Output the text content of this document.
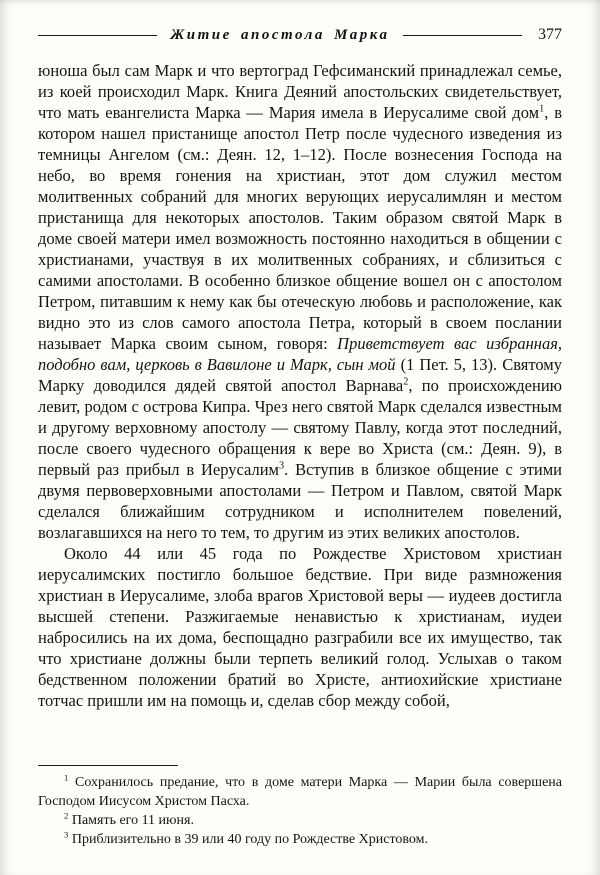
Житие апостола Марка	377

юноша был сам Марк и что вертоград Гефсиманский принадлежал семье, из коей происходил Марк. Книга Деяний апостольских свидетельствует, что мать евангелиста Марка — Мария имела в Иерусалиме свой дом$^1$, в котором нашел пристанище апостол Петр после чудесного изведения из темницы Ангелом (см.: Деян. 12, 1–12). После вознесения Господа на небо, во время гонения на христиан, этот дом служил местом молитвенных собраний для многих верующих иерусалимлян и местом пристанища для некоторых апостолов. Таким образом святой Марк в доме своей матери имел возможность постоянно находиться в общении с христианами, участвуя в их молитвенных собраниях, и сблизиться с самими апостолами. В особенно близкое общение вошел он с апостолом Петром, питавшим к нему как бы отеческую любовь и расположение, как видно это из слов самого апостола Петра, который в своем послании называет Марка своим сыном, говоря: Приветствует вас избранная, подобно вам, церковь в Вавилоне и Марк, сын мой (1 Пет. 5, 13). Святому Марку доводился дядей святой апостол Варнава$^2$, по происхождению левит, родом с острова Кипра. Чрез него святой Марк сделался известным и другому верховному апостолу — святому Павлу, когда этот последний, после своего чудесного обращения к вере во Христа (см.: Деян. 9), в первый раз прибыл в Иерусалим$^3$. Вступив в близкое общение с этими двумя первоверховными апостолами — Петром и Павлом, святой Марк сделался ближайшим сотрудником и исполнителем повелений, возлагавшихся на него то тем, то другим из этих великих апостолов.

Около 44 или 45 года по Рождестве Христовом христиан иерусалимских постигло большое бедствие. При виде размножения христиан в Иерусалиме, злоба врагов Христовой веры — иудеев достигла высшей степени. Разжигаемые ненавистью к христианам, иудеи набросились на их дома, беспощадно разграбили все их имущество, так что христиане должны были терпеть великий голод. Услыхав о таком бедственном положении братий во Христе, антиохийские христиане тотчас пришли им на помощь и, сделав сбор между собой,

$^1$ Сохранилось предание, что в доме матери Марка — Марии была совершена Господом Иисусом Христом Пасха.
$^2$ Память его 11 июня.
$^3$ Приблизительно в 39 или 40 году по Рождестве Христовом.
